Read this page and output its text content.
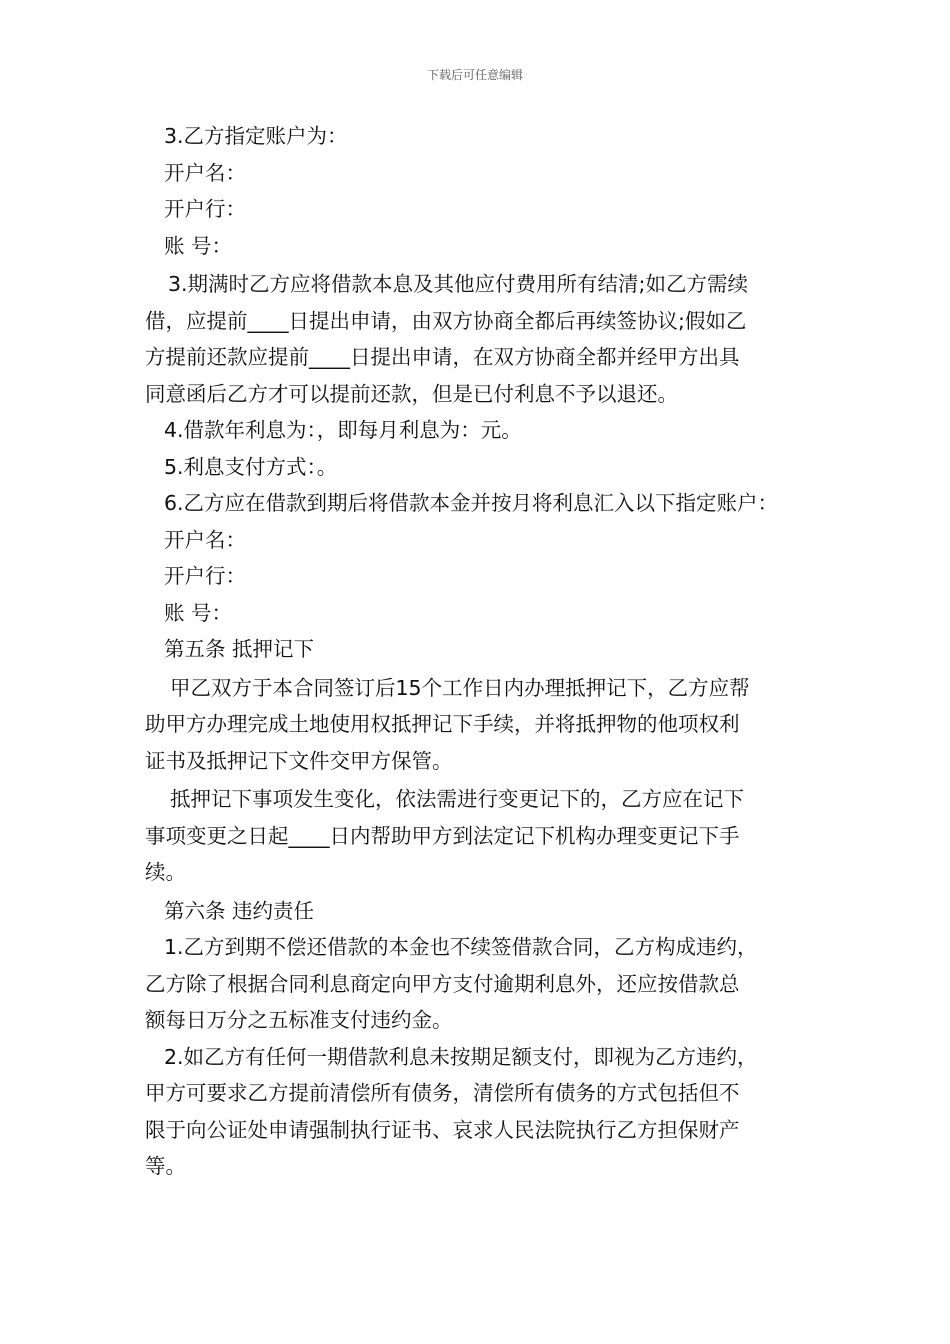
下载后可任意编辑
3.乙方指定账户为：
开户名：
开户行：
账 号：
3.期满时乙方应将借款本息及其他应付费用所有结清;如乙方需续
借，应提前____日提出申请，由双方协商全都后再续签协议;假如乙
方提前还款应提前____日提出申请，在双方协商全都并经甲方出具
同意函后乙方才可以提前还款，但是已付利息不予以退还。
4.借款年利息为：，即每月利息为：元。
5.利息支付方式：。
6.乙方应在借款到期后将借款本金并按月将利息汇入以下指定账户：
开户名：
开户行：
账 号：
第五条 抵押记下
甲乙双方于本合同签订后15个工作日内办理抵押记下，乙方应帮
助甲方办理完成土地使用权抵押记下手续，并将抵押物的他项权利
证书及抵押记下文件交甲方保管。
抵押记下事项发生变化，依法需进行变更记下的，乙方应在记下
事项变更之日起____日内帮助甲方到法定记下机构办理变更记下手
续。
第六条 违约责任
1.乙方到期不偿还借款的本金也不续签借款合同，乙方构成违约，
乙方除了根据合同利息商定向甲方支付逾期利息外，还应按借款总
额每日万分之五标准支付违约金。
2.如乙方有任何一期借款利息未按期足额支付，即视为乙方违约，
甲方可要求乙方提前清偿所有债务，清偿所有债务的方式包括但不
限于向公证处申请强制执行证书、哀求人民法院执行乙方担保财产
等。
